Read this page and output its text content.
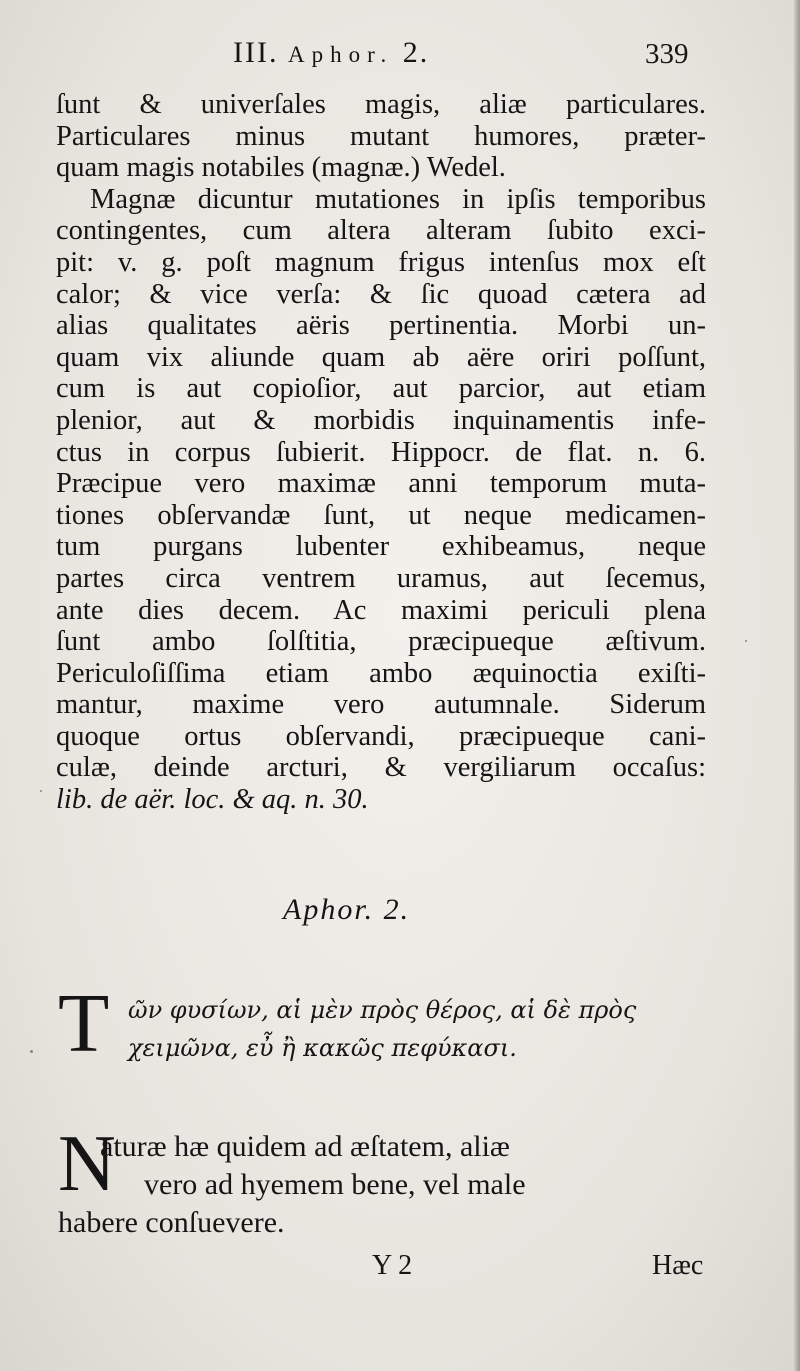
III. Aphor. 2.	339
ſunt & univerſales magis, aliæ particulares.
Particulares minus mutant humores, præter-
quam magis notabiles (magnæ.) Wedel.
Magnæ dicuntur mutationes in ipſis temporibus
contingentes, cum altera alteram ſubito exci-
pit: v. g. poſt magnum frigus intenſus mox eſt
calor; & vice verſa: & ſic quoad cætera ad
alias qualitates aëris pertinentia. Morbi un-
quam vix aliunde quam ab aëre oriri poſſunt,
cum is aut copioſior, aut parcior, aut etiam
plenior, aut & morbidis inquinamentis infe-
ctus in corpus ſubierit. Hippocr. de flat. n. 6.
Præcipue vero maximæ anni temporum muta-
tiones obſervandæ ſunt, ut neque medicamen-
tum purgans lubenter exhibeamus, neque
partes circa ventrem uramus, aut ſecemus,
ante dies decem. Ac maximi periculi plena
ſunt ambo ſolſtitia, præcipueque æſtivum.
Periculoſiſſima etiam ambo æquinoctia exiſti-
mantur, maxime vero autumnale. Siderum
quoque ortus obſervandi, præcipueque cani-
culæ, deinde arcturi, & vergiliarum occaſus:
lib. de aër. loc. & aq. n. 30.
Aphor. 2.
T ῶν φυσίων, αἱ μὲν πρὸς θέρος, αἱ δὲ πρὸς
χειμῶνα, εὖ ἢ κακῶς πεφύκασι.
N
aturæ hæ quidem ad æſtatem, aliæ
vero ad hyemem bene, vel male
habere conſuevere.
Y 2	Hæc
